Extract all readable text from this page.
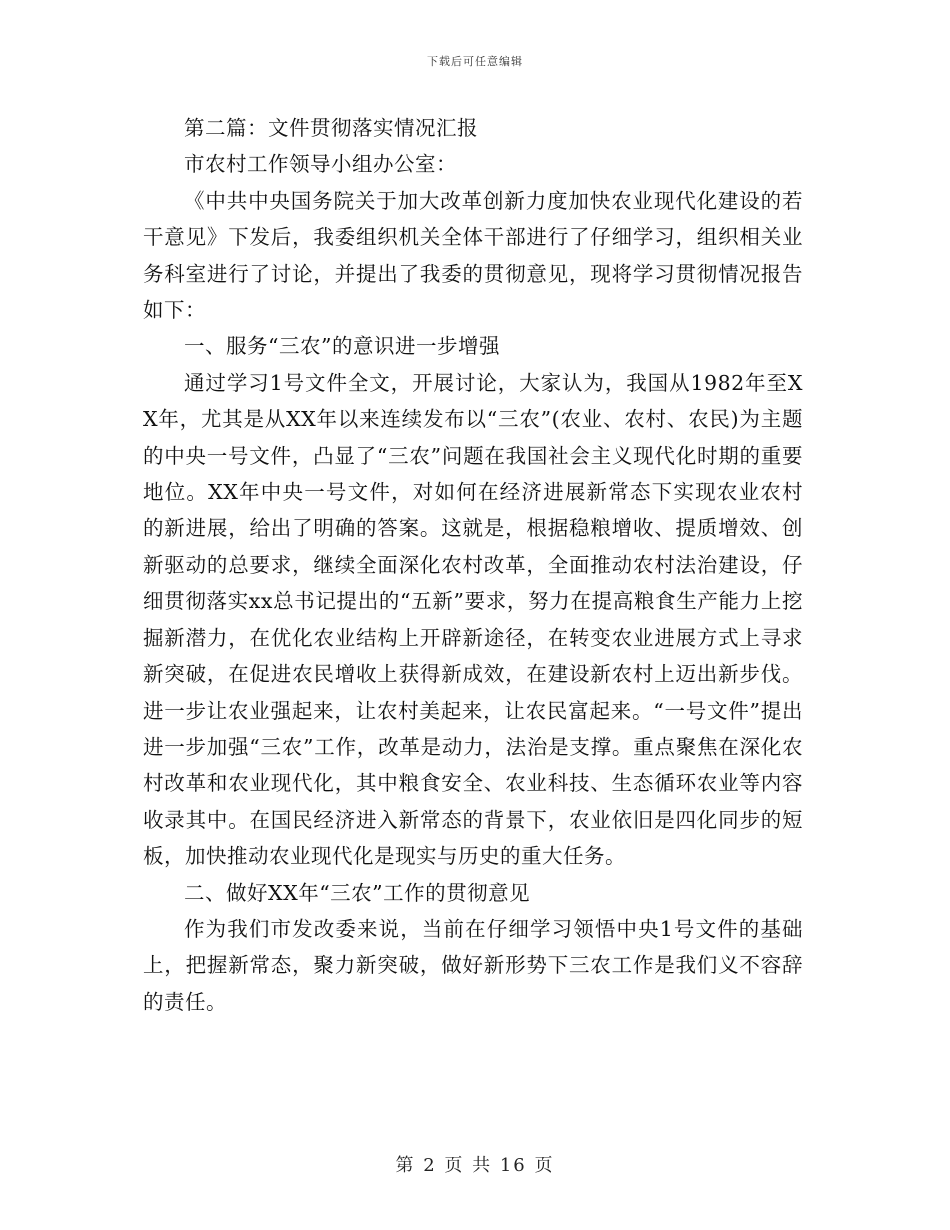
下载后可任意编辑

第二篇：文件贯彻落实情况汇报

市农村工作领导小组办公室：

《中共中央国务院关于加大改革创新力度加快农业现代化建设的若干意见》下发后，我委组织机关全体干部进行了仔细学习，组织相关业务科室进行了讨论，并提出了我委的贯彻意见，现将学习贯彻情况报告如下：

一、服务“三农”的意识进一步增强

通过学习1号文件全文，开展讨论，大家认为，我国从1982年至XX年，尤其是从XX年以来连续发布以“三农”(农业、农村、农民)为主题的中央一号文件，凸显了“三农”问题在我国社会主义现代化时期的重要地位。XX年中央一号文件，对如何在经济进展新常态下实现农业农村的新进展，给出了明确的答案。这就是，根据稳粮增收、提质增效、创新驱动的总要求，继续全面深化农村改革，全面推动农村法治建设，仔细贯彻落实xx总书记提出的“五新”要求，努力在提高粮食生产能力上挖掘新潜力，在优化农业结构上开辟新途径，在转变农业进展方式上寻求新突破，在促进农民增收上获得新成效，在建设新农村上迈出新步伐。进一步让农业强起来，让农村美起来，让农民富起来。“一号文件”提出进一步加强“三农”工作，改革是动力，法治是支撑。重点聚焦在深化农村改革和农业现代化，其中粮食安全、农业科技、生态循环农业等内容收录其中。在国民经济进入新常态的背景下，农业依旧是四化同步的短板，加快推动农业现代化是现实与历史的重大任务。

二、做好XX年“三农”工作的贯彻意见

作为我们市发改委来说，当前在仔细学习领悟中央1号文件的基础上，把握新常态，聚力新突破，做好新形势下三农工作是我们义不容辞的责任。

第 2 页 共 16 页
